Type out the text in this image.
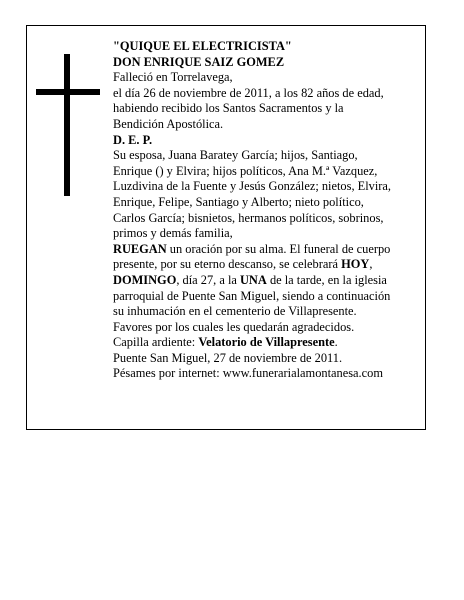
"QUIQUE EL ELECTRICISTA"
DON ENRIQUE SAIZ GOMEZ
Falleció en Torrelavega,
el día 26 de noviembre de 2011, a los 82 años de edad,
habiendo recibido los Santos Sacramentos y la
Bendición Apostólica.
D. E. P.
Su esposa, Juana Baratey García; hijos, Santiago,
Enrique () y Elvira; hijos políticos, Ana M.ª Vazquez,
Luzdivina de la Fuente y Jesús González; nietos, Elvira,
Enrique, Felipe, Santiago y Alberto; nieto político,
Carlos García; bisnietos, hermanos políticos, sobrinos,
primos y demás familia,
RUEGAN un oración por su alma. El funeral de cuerpo
presente, por su eterno descanso, se celebrará HOY,
DOMINGO, día 27, a la UNA de la tarde, en la iglesia
parroquial de Puente San Miguel, siendo a continuación
su inhumación en el cementerio de Villapresente.
Favores por los cuales les quedarán agradecidos.
Capilla ardiente: Velatorio de Villapresente.
Puente San Miguel, 27 de noviembre de 2011.
Pésames por internet: www.funerarialamontanesa.com
